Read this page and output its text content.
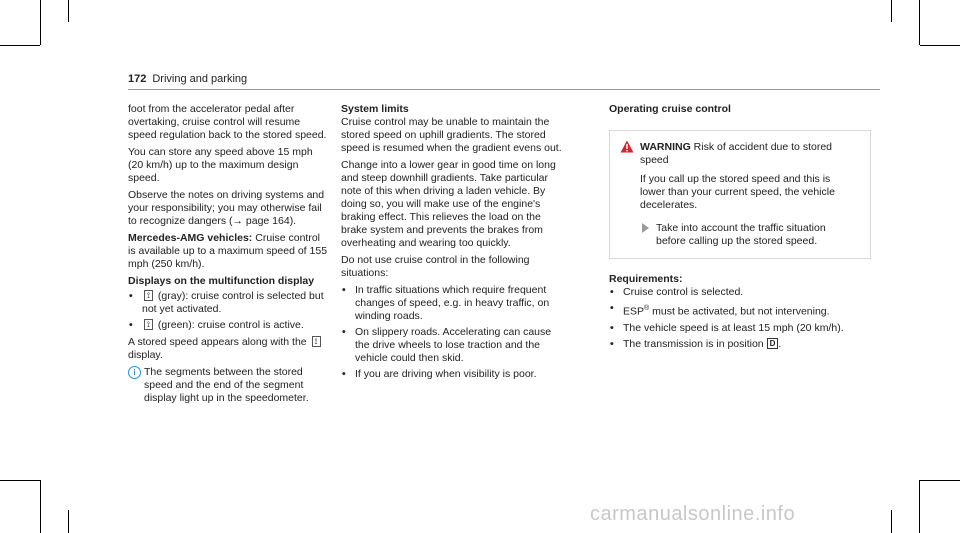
172 Driving and parking

foot from the accelerator pedal after overtaking, cruise control will resume speed regulation back to the stored speed.

You can store any speed above 15 mph (20 km/h) up to the maximum design speed.

Observe the notes on driving systems and your responsibility; you may otherwise fail to recognize dangers (→ page 164).

Mercedes-AMG vehicles: Cruise control is available up to a maximum speed of 155 mph (250 km/h).

Displays on the multifunction display
• ⟟ (gray): cruise control is selected but not yet activated.
• ⟟ (green): cruise control is active.

A stored speed appears along with the ⟟ display.

i The segments between the stored speed and the end of the segment display light up in the speedometer.
System limits

Cruise control may be unable to maintain the stored speed on uphill gradients. The stored speed is resumed when the gradient evens out.

Change into a lower gear in good time on long and steep downhill gradients. Take particular note of this when driving a laden vehicle. By doing so, you will make use of the engine's braking effect. This relieves the load on the brake system and prevents the brakes from overheating and wearing too quickly.

Do not use cruise control in the following situations:

• In traffic situations which require frequent changes of speed, e.g. in heavy traffic, on winding roads.
• On slippery roads. Accelerating can cause the drive wheels to lose traction and the vehicle could then skid.
• If you are driving when visibility is poor.
Operating cruise control
WARNING Risk of accident due to stored speed

If you call up the stored speed and this is lower than your current speed, the vehicle decelerates.

Take into account the traffic situation before calling up the stored speed.
Requirements:
• Cruise control is selected.
• ESP® must be activated, but not intervening.
• The vehicle speed is at least 15 mph (20 km/h).
• The transmission is in position D .
carmanualsonline.info
